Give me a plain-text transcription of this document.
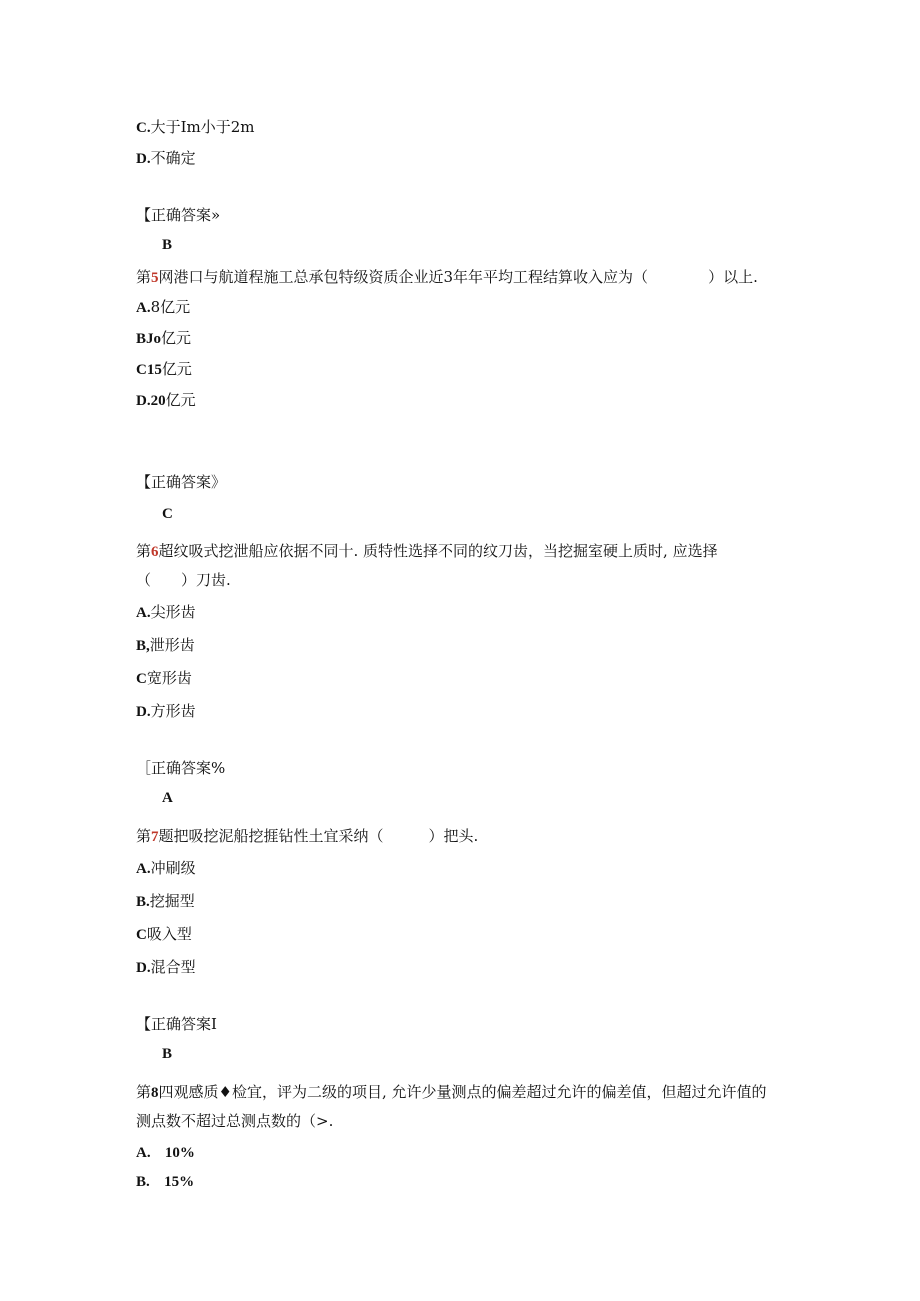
C.大于Im小于2m
D.不确定
【正确答案»
B
第5网港口与航道程施工总承包特级资质企业近3年年平均工程结算收入应为（　　　　）以上.
A.8亿元
BJo亿元
C15亿元
D.20亿元
【正确答案》
C
第6超纹吸式挖泄船应依据不同十. 质特性选择不同的纹刀齿，当挖掘室硬上质时, 应选择
（　　）刀齿.
A.尖形齿
B,泄形齿
C宽形齿
D.方形齿
［正确答案%
A
第7题把吸挖泥船挖捱钻性土宜采纳（　　　）把头.
A.冲刷级
B.挖掘型
C吸入型
D.混合型
【正确答案I
B
第8四观感质♦检宜，评为二级的项目, 允许少量测点的偏差超过允许的偏差值，但超过允许值的
测点数不超过总测点数的（>.
A. 10%
B. 15%
